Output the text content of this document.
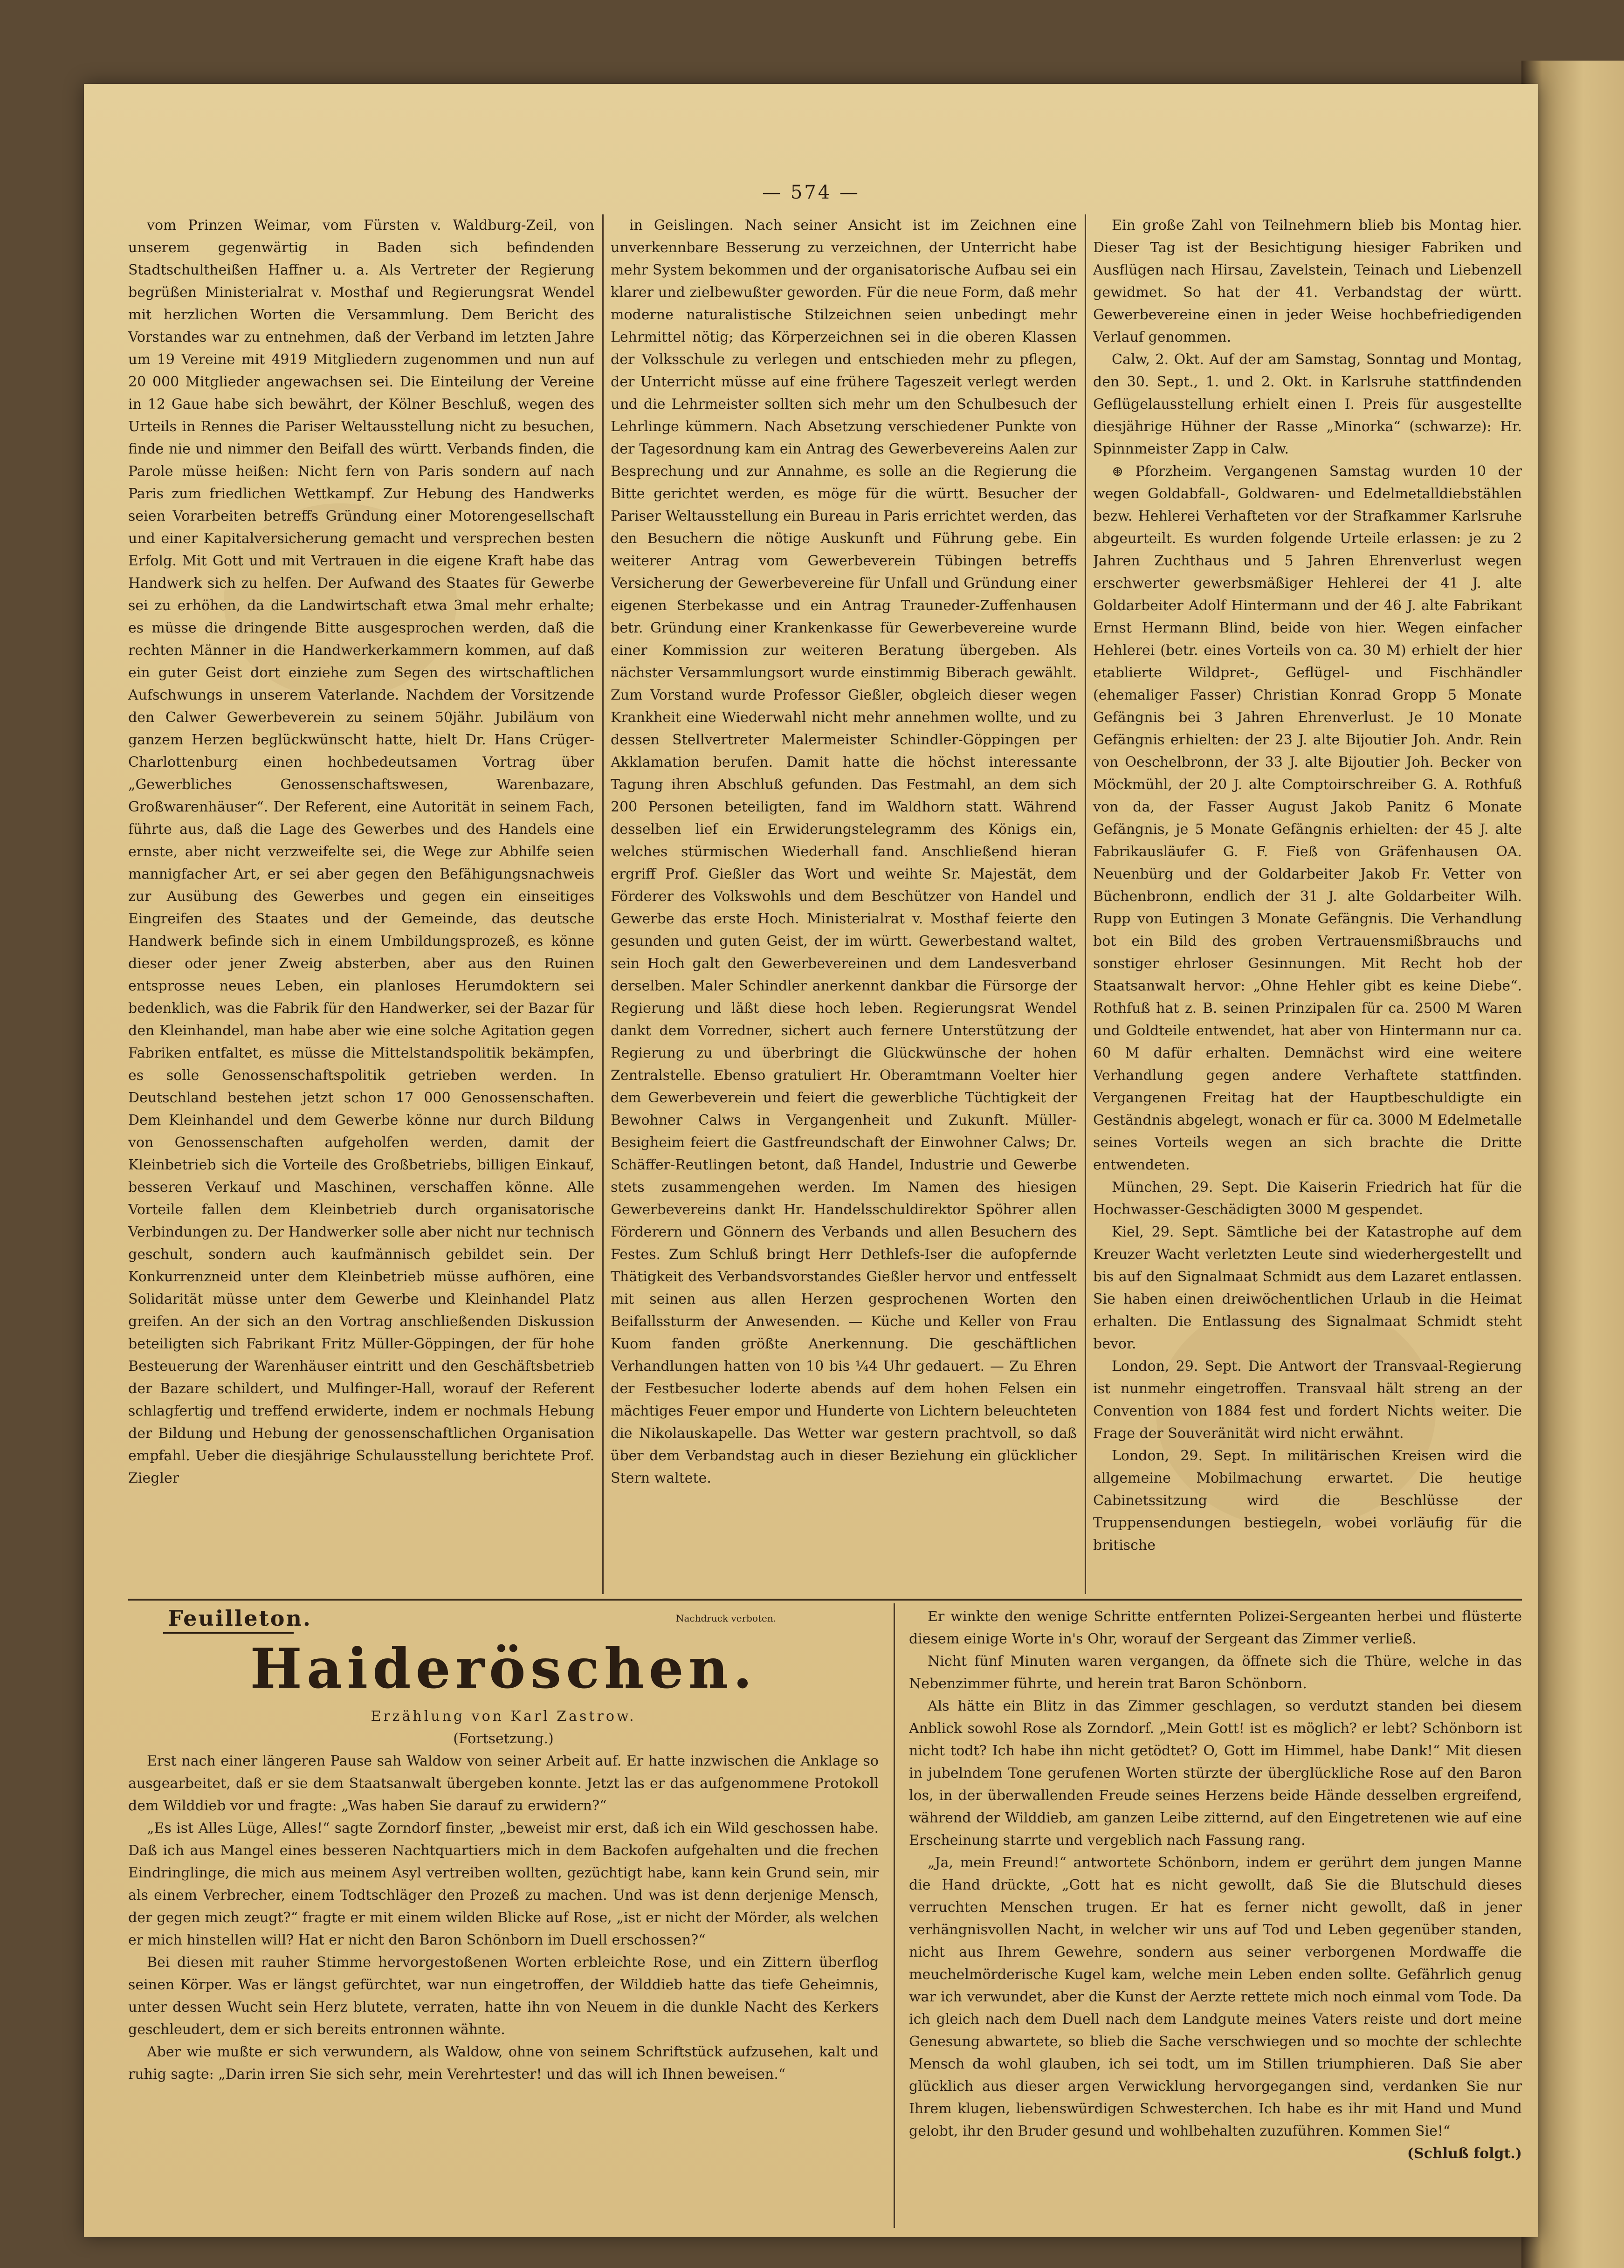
— 574 —

vom Prinzen Weimar, vom Fürsten v. Waldburg-Zeil, von unserem gegenwärtig in Baden sich befindenden Stadtschultheißen Haffner u. a. Als Vertreter der Regierung begrüßen Ministerialrat v. Mosthaf und Regierungsrat Wendel mit herzlichen Worten die Versammlung. Dem Bericht des Vorstandes war zu entnehmen, daß der Verband im letzten Jahre um 19 Vereine mit 4919 Mitgliedern zugenommen und nun auf 20 000 Mitglieder angewachsen sei. Die Einteilung der Vereine in 12 Gaue habe sich bewährt, der Kölner Beschluß, wegen des Urteils in Rennes die Pariser Weltausstellung nicht zu besuchen, finde nie und nimmer den Beifall des württ. Verbands finden, die Parole müsse heißen: Nicht fern von Paris sondern auf nach Paris zum friedlichen Wettkampf. Zur Hebung des Handwerks seien Vorarbeiten betreffs Gründung einer Motorengesellschaft und einer Kapitalversicherung gemacht und versprechen besten Erfolg. Mit Gott und mit Vertrauen in die eigene Kraft habe das Handwerk sich zu helfen. Der Aufwand des Staates für Gewerbe sei zu erhöhen, da die Landwirtschaft etwa 3mal mehr erhalte; es müsse die dringende Bitte ausgesprochen werden, daß die rechten Männer in die Handwerkerkammern kommen, auf daß ein guter Geist dort einziehe zum Segen des wirtschaftlichen Aufschwungs in unserem Vaterlande. Nachdem der Vorsitzende den Calwer Gewerbeverein zu seinem 50jähr. Jubiläum von ganzem Herzen beglückwünscht hatte, hielt Dr. Hans Crüger-Charlottenburg einen hochbedeutsamen Vortrag über „Gewerbliches Genossenschaftswesen, Warenbazare, Großwarenhäuser“. Der Referent, eine Autorität in seinem Fach, führte aus, daß die Lage des Gewerbes und des Handels eine ernste, aber nicht verzweifelte sei, die Wege zur Abhilfe seien mannigfacher Art, er sei aber gegen den Befähigungsnachweis zur Ausübung des Gewerbes und gegen ein einseitiges Eingreifen des Staates und der Gemeinde, das deutsche Handwerk befinde sich in einem Umbildungsprozeß, es könne dieser oder jener Zweig absterben, aber aus den Ruinen entsprosse neues Leben, ein planloses Herumdoktern sei bedenklich, was die Fabrik für den Handwerker, sei der Bazar für den Kleinhandel, man habe aber wie eine solche Agitation gegen Fabriken entfaltet, es müsse die Mittelstandspolitik bekämpfen, es solle Genossenschaftspolitik getrieben werden. In Deutschland bestehen jetzt schon 17 000 Genossenschaften. Dem Kleinhandel und dem Gewerbe könne nur durch Bildung von Genossenschaften aufgeholfen werden, damit der Kleinbetrieb sich die Vorteile des Großbetriebs, billigen Einkauf, besseren Verkauf und Maschinen, verschaffen könne. Alle Vorteile fallen dem Kleinbetrieb durch organisatorische Verbindungen zu. Der Handwerker solle aber nicht nur technisch geschult, sondern auch kaufmännisch gebildet sein. Der Konkurrenzneid unter dem Kleinbetrieb müsse aufhören, eine Solidarität müsse unter dem Gewerbe und Kleinhandel Platz greifen. An der sich an den Vortrag anschließenden Diskussion beteiligten sich Fabrikant Fritz Müller-Göppingen, der für hohe Besteuerung der Warenhäuser eintritt und den Geschäftsbetrieb der Bazare schildert, und Mulfinger-Hall, worauf der Referent schlagfertig und treffend erwiderte, indem er nochmals Hebung der Bildung und Hebung der genossenschaftlichen Organisation empfahl. Ueber die diesjährige Schulausstellung berichtete Prof. Ziegler

in Geislingen. Nach seiner Ansicht ist im Zeichnen eine unverkennbare Besserung zu verzeichnen, der Unterricht habe mehr System bekommen und der organisatorische Aufbau sei ein klarer und zielbewußter geworden. Für die neue Form, daß mehr moderne naturalistische Stilzeichnen seien unbedingt mehr Lehrmittel nötig; das Körperzeichnen sei in die oberen Klassen der Volksschule zu verlegen und entschieden mehr zu pflegen, der Unterricht müsse auf eine frühere Tageszeit verlegt werden und die Lehrmeister sollten sich mehr um den Schulbesuch der Lehrlinge kümmern. Nach Absetzung verschiedener Punkte von der Tagesordnung kam ein Antrag des Gewerbevereins Aalen zur Besprechung und zur Annahme, es solle an die Regierung die Bitte gerichtet werden, es möge für die württ. Besucher der Pariser Weltausstellung ein Bureau in Paris errichtet werden, das den Besuchern die nötige Auskunft und Führung gebe. Ein weiterer Antrag vom Gewerbeverein Tübingen betreffs Versicherung der Gewerbevereine für Unfall und Gründung einer eigenen Sterbekasse und ein Antrag Trauneder-Zuffenhausen betr. Gründung einer Krankenkasse für Gewerbevereine wurde einer Kommission zur weiteren Beratung übergeben. Als nächster Versammlungsort wurde einstimmig Biberach gewählt. Zum Vorstand wurde Professor Gießler, obgleich dieser wegen Krankheit eine Wiederwahl nicht mehr annehmen wollte, und zu dessen Stellvertreter Malermeister Schindler-Göppingen per Akklamation berufen. Damit hatte die höchst interessante Tagung ihren Abschluß gefunden. Das Festmahl, an dem sich 200 Personen beteiligten, fand im Waldhorn statt. Während desselben lief ein Erwiderungstelegramm des Königs ein, welches stürmischen Wiederhall fand. Anschließend hieran ergriff Prof. Gießler das Wort und weihte Sr. Majestät, dem Förderer des Volkswohls und dem Beschützer von Handel und Gewerbe das erste Hoch. Ministerialrat v. Mosthaf feierte den gesunden und guten Geist, der im württ. Gewerbestand waltet, sein Hoch galt den Gewerbevereinen und dem Landesverband derselben. Maler Schindler anerkennt dankbar die Fürsorge der Regierung und läßt diese hoch leben. Regierungsrat Wendel dankt dem Vorredner, sichert auch fernere Unterstützung der Regierung zu und überbringt die Glückwünsche der hohen Zentralstelle. Ebenso gratuliert Hr. Oberamtmann Voelter hier dem Gewerbeverein und feiert die gewerbliche Tüchtigkeit der Bewohner Calws in Vergangenheit und Zukunft. Müller-Besigheim feiert die Gastfreundschaft der Einwohner Calws; Dr. Schäffer-Reutlingen betont, daß Handel, Industrie und Gewerbe stets zusammengehen werden. Im Namen des hiesigen Gewerbevereins dankt Hr. Handelsschuldirektor Spöhrer allen Förderern und Gönnern des Verbands und allen Besuchern des Festes. Zum Schluß bringt Herr Dethlefs-Iser die aufopfernde Thätigkeit des Verbandsvorstandes Gießler hervor und entfesselt mit seinen aus allen Herzen gesprochenen Worten den Beifallssturm der Anwesenden. — Küche und Keller von Frau Kuom fanden größte Anerkennung. Die geschäftlichen Verhandlungen hatten von 10 bis ¼4 Uhr gedauert. — Zu Ehren der Festbesucher loderte abends auf dem hohen Felsen ein mächtiges Feuer empor und Hunderte von Lichtern beleuchteten die Nikolauskapelle. Das Wetter war gestern prachtvoll, so daß über dem Verbandstag auch in dieser Beziehung ein glücklicher Stern waltete.

Ein große Zahl von Teilnehmern blieb bis Montag hier. Dieser Tag ist der Besichtigung hiesiger Fabriken und Ausflügen nach Hirsau, Zavelstein, Teinach und Liebenzell gewidmet. So hat der 41. Verbandstag der württ. Gewerbevereine einen in jeder Weise hochbefriedigenden Verlauf genommen.

Calw, 2. Okt. Auf der am Samstag, Sonntag und Montag, den 30. Sept., 1. und 2. Okt. in Karlsruhe stattfindenden Geflügelausstellung erhielt einen I. Preis für ausgestellte diesjährige Hühner der Rasse „Minorka“ (schwarze): Hr. Spinnmeister Zapp in Calw.

⊛ Pforzheim. Vergangenen Samstag wurden 10 der wegen Goldabfall-, Goldwaren- und Edelmetalldiebstählen bezw. Hehlerei Verhafteten vor der Strafkammer Karlsruhe abgeurteilt. Es wurden folgende Urteile erlassen: je zu 2 Jahren Zuchthaus und 5 Jahren Ehrenverlust wegen erschwerter gewerbsmäßiger Hehlerei der 41 J. alte Goldarbeiter Adolf Hintermann und der 46 J. alte Fabrikant Ernst Hermann Blind, beide von hier. Wegen einfacher Hehlerei (betr. eines Vorteils von ca. 30 M) erhielt der hier etablierte Wildpret-, Geflügel- und Fischhändler (ehemaliger Fasser) Christian Konrad Gropp 5 Monate Gefängnis bei 3 Jahren Ehrenverlust. Je 10 Monate Gefängnis erhielten: der 23 J. alte Bijoutier Joh. Andr. Rein von Oeschelbronn, der 33 J. alte Bijoutier Joh. Becker von Möckmühl, der 20 J. alte Comptoirschreiber G. A. Rothfuß von da, der Fasser August Jakob Panitz 6 Monate Gefängnis, je 5 Monate Gefängnis erhielten: der 45 J. alte Fabrikausläufer G. F. Fieß von Gräfenhausen OA. Neuenbürg und der Goldarbeiter Jakob Fr. Vetter von Büchenbronn, endlich der 31 J. alte Goldarbeiter Wilh. Rupp von Eutingen 3 Monate Gefängnis. Die Verhandlung bot ein Bild des groben Vertrauensmißbrauchs und sonstiger ehrloser Gesinnungen. Mit Recht hob der Staatsanwalt hervor: „Ohne Hehler gibt es keine Diebe“. Rothfuß hat z. B. seinen Prinzipalen für ca. 2500 M Waren und Goldteile entwendet, hat aber von Hintermann nur ca. 60 M dafür erhalten. Demnächst wird eine weitere Verhandlung gegen andere Verhaftete stattfinden. Vergangenen Freitag hat der Hauptbeschuldigte ein Geständnis abgelegt, wonach er für ca. 3000 M Edelmetalle seines Vorteils wegen an sich brachte die Dritte entwendeten.

München, 29. Sept. Die Kaiserin Friedrich hat für die Hochwasser-Geschädigten 3000 M gespendet.

Kiel, 29. Sept. Sämtliche bei der Katastrophe auf dem Kreuzer Wacht verletzten Leute sind wiederhergestellt und bis auf den Signalmaat Schmidt aus dem Lazaret entlassen. Sie haben einen dreiwöchentlichen Urlaub in die Heimat erhalten. Die Entlassung des Signalmaat Schmidt steht bevor.

London, 29. Sept. Die Antwort der Transvaal-Regierung ist nunmehr eingetroffen. Transvaal hält streng an der Convention von 1884 fest und fordert Nichts weiter. Die Frage der Souveränität wird nicht erwähnt.

London, 29. Sept. In militärischen Kreisen wird die allgemeine Mobilmachung erwartet. Die heutige Cabinetssitzung wird die Beschlüsse der Truppensendungen bestiegeln, wobei vorläufig für die britische

Feuilleton.	Nachdruck verboten.
Haideröschen.
Erzählung von Karl Zastrow.
(Fortsetzung.)

Erst nach einer längeren Pause sah Waldow von seiner Arbeit auf. Er hatte inzwischen die Anklage so ausgearbeitet, daß er sie dem Staatsanwalt übergeben konnte. Jetzt las er das aufgenommene Protokoll dem Wilddieb vor und fragte: „Was haben Sie darauf zu erwidern?“

„Es ist Alles Lüge, Alles!“ sagte Zorndorf finster, „beweist mir erst, daß ich ein Wild geschossen habe. Daß ich aus Mangel eines besseren Nachtquartiers mich in dem Backofen aufgehalten und die frechen Eindringlinge, die mich aus meinem Asyl vertreiben wollten, gezüchtigt habe, kann kein Grund sein, mir als einem Verbrecher, einem Todtschläger den Prozeß zu machen. Und was ist denn derjenige Mensch, der gegen mich zeugt?“ fragte er mit einem wilden Blicke auf Rose, „ist er nicht der Mörder, als welchen er mich hinstellen will? Hat er nicht den Baron Schönborn im Duell erschossen?“

Bei diesen mit rauher Stimme hervorgestoßenen Worten erbleichte Rose, und ein Zittern überflog seinen Körper. Was er längst gefürchtet, war nun eingetroffen, der Wilddieb hatte das tiefe Geheimnis, unter dessen Wucht sein Herz blutete, verraten, hatte ihn von Neuem in die dunkle Nacht des Kerkers geschleudert, dem er sich bereits entronnen wähnte.

Aber wie mußte er sich verwundern, als Waldow, ohne von seinem Schriftstück aufzusehen, kalt und ruhig sagte: „Darin irren Sie sich sehr, mein Verehrtester! und das will ich Ihnen beweisen.“

Er winkte den wenige Schritte entfernten Polizei-Sergeanten herbei und flüsterte diesem einige Worte in's Ohr, worauf der Sergeant das Zimmer verließ.

Nicht fünf Minuten waren vergangen, da öffnete sich die Thüre, welche in das Nebenzimmer führte, und herein trat Baron Schönborn.

Als hätte ein Blitz in das Zimmer geschlagen, so verdutzt standen bei diesem Anblick sowohl Rose als Zorndorf. „Mein Gott! ist es möglich? er lebt? Schönborn ist nicht todt? Ich habe ihn nicht getödtet? O, Gott im Himmel, habe Dank!“ Mit diesen in jubelndem Tone gerufenen Worten stürzte der überglückliche Rose auf den Baron los, in der überwallenden Freude seines Herzens beide Hände desselben ergreifend, während der Wilddieb, am ganzen Leibe zitternd, auf den Eingetretenen wie auf eine Erscheinung starrte und vergeblich nach Fassung rang.

„Ja, mein Freund!“ antwortete Schönborn, indem er gerührt dem jungen Manne die Hand drückte, „Gott hat es nicht gewollt, daß Sie die Blutschuld dieses verruchten Menschen trugen. Er hat es ferner nicht gewollt, daß in jener verhängnisvollen Nacht, in welcher wir uns auf Tod und Leben gegenüber standen, nicht aus Ihrem Gewehre, sondern aus seiner verborgenen Mordwaffe die meuchelmörderische Kugel kam, welche mein Leben enden sollte. Gefährlich genug war ich verwundet, aber die Kunst der Aerzte rettete mich noch einmal vom Tode. Da ich gleich nach dem Duell nach dem Landgute meines Vaters reiste und dort meine Genesung abwartete, so blieb die Sache verschwiegen und so mochte der schlechte Mensch da wohl glauben, ich sei todt, um im Stillen triumphieren. Daß Sie aber glücklich aus dieser argen Verwicklung hervorgegangen sind, verdanken Sie nur Ihrem klugen, liebenswürdigen Schwesterchen. Ich habe es ihr mit Hand und Mund gelobt, ihr den Bruder gesund und wohlbehalten zuzuführen. Kommen Sie!“

(Schluß folgt.)
